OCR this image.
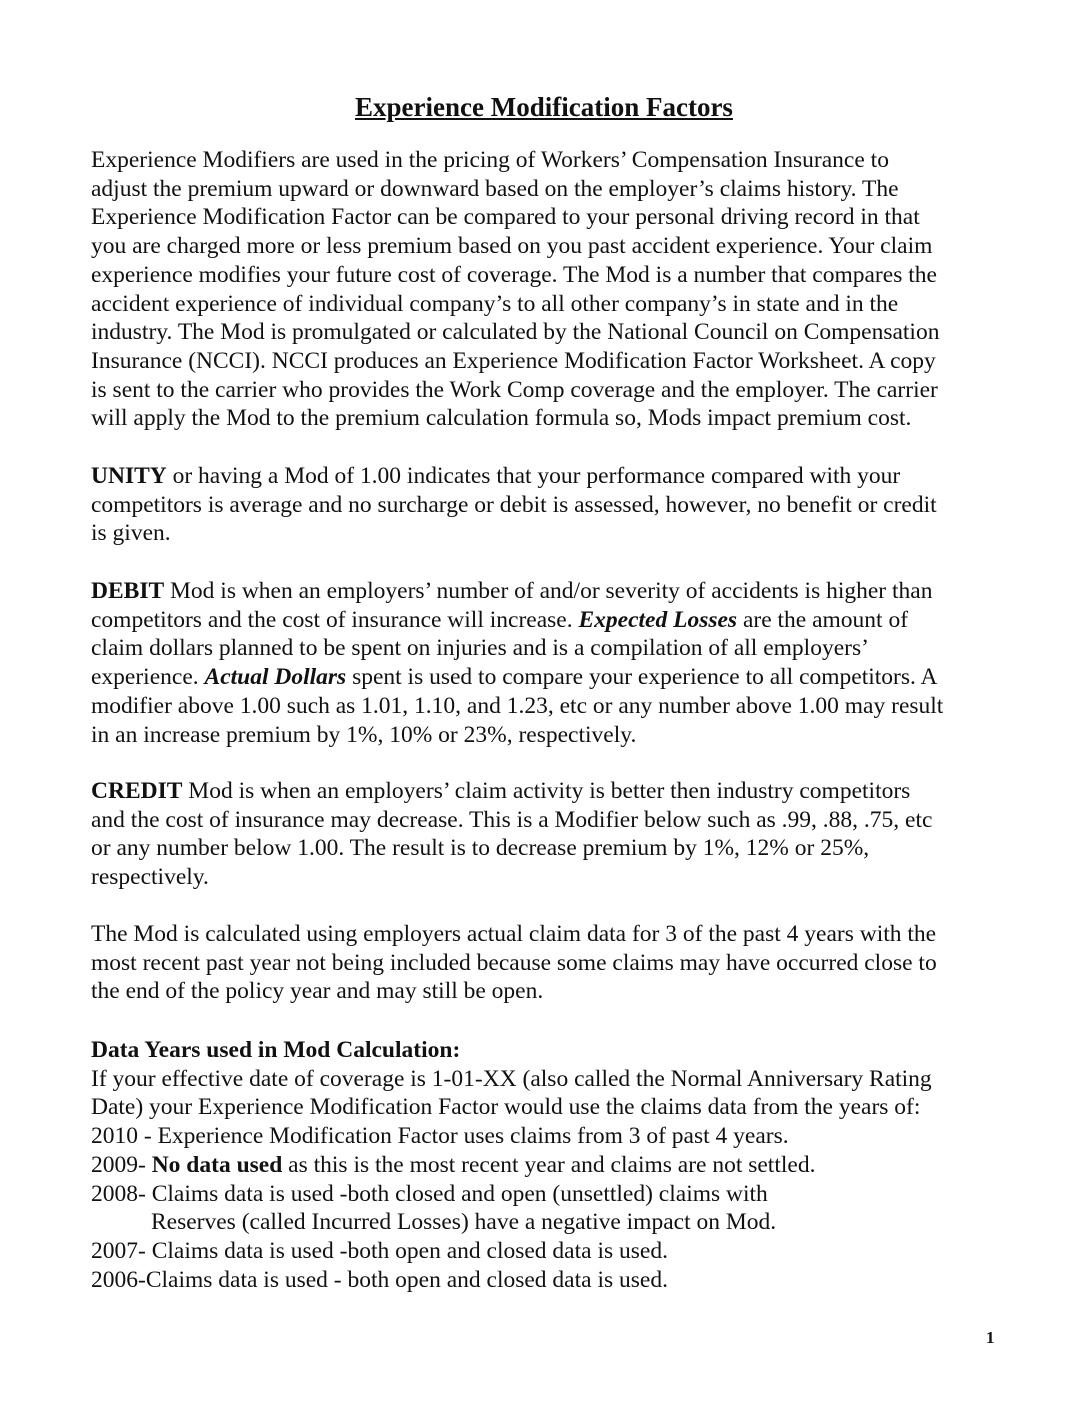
Experience Modification Factors
Experience Modifiers are used in the pricing of Workers’ Compensation Insurance to
adjust the premium upward or downward based on the employer’s claims history. The
Experience Modification Factor can be compared to your personal driving record in that
you are charged more or less premium based on you past accident experience. Your claim
experience modifies your future cost of coverage. The Mod is a number that compares the
accident experience of individual company’s to all other company’s in state and in the
industry. The Mod is promulgated or calculated by the National Council on Compensation
Insurance (NCCI). NCCI produces an Experience Modification Factor Worksheet. A copy
is sent to the carrier who provides the Work Comp coverage and the employer. The carrier
will apply the Mod to the premium calculation formula so, Mods impact premium cost.
UNITY or having a Mod of 1.00 indicates that your performance compared with your
competitors is average and no surcharge or debit is assessed, however, no benefit or credit
is given.
DEBIT Mod is when an employers’ number of and/or severity of accidents is higher than
competitors and the cost of insurance will increase. Expected Losses are the amount of
claim dollars planned to be spent on injuries and is a compilation of all employers’
experience. Actual Dollars spent is used to compare your experience to all competitors. A
modifier above 1.00 such as 1.01, 1.10, and 1.23, etc or any number above 1.00 may result
in an increase premium by 1%, 10% or 23%, respectively.
CREDIT Mod is when an employers’ claim activity is better then industry competitors
and the cost of insurance may decrease. This is a Modifier below such as .99, .88, .75, etc
or any number below 1.00. The result is to decrease premium by 1%, 12% or 25%,
respectively.
The Mod is calculated using employers actual claim data for 3 of the past 4 years with the
most recent past year not being included because some claims may have occurred close to
the end of the policy year and may still be open.
Data Years used in Mod Calculation:
If your effective date of coverage is 1-01-XX (also called the Normal Anniversary Rating
Date) your Experience Modification Factor would use the claims data from the years of:
2010 - Experience Modification Factor uses claims from 3 of past 4 years.
2009- No data used as this is the most recent year and claims are not settled.
2008- Claims data is used -both closed and open (unsettled) claims with
Reserves (called Incurred Losses) have a negative impact on Mod.
2007- Claims data is used -both open and closed data is used.
2006-Claims data is used - both open and closed data is used.
1
